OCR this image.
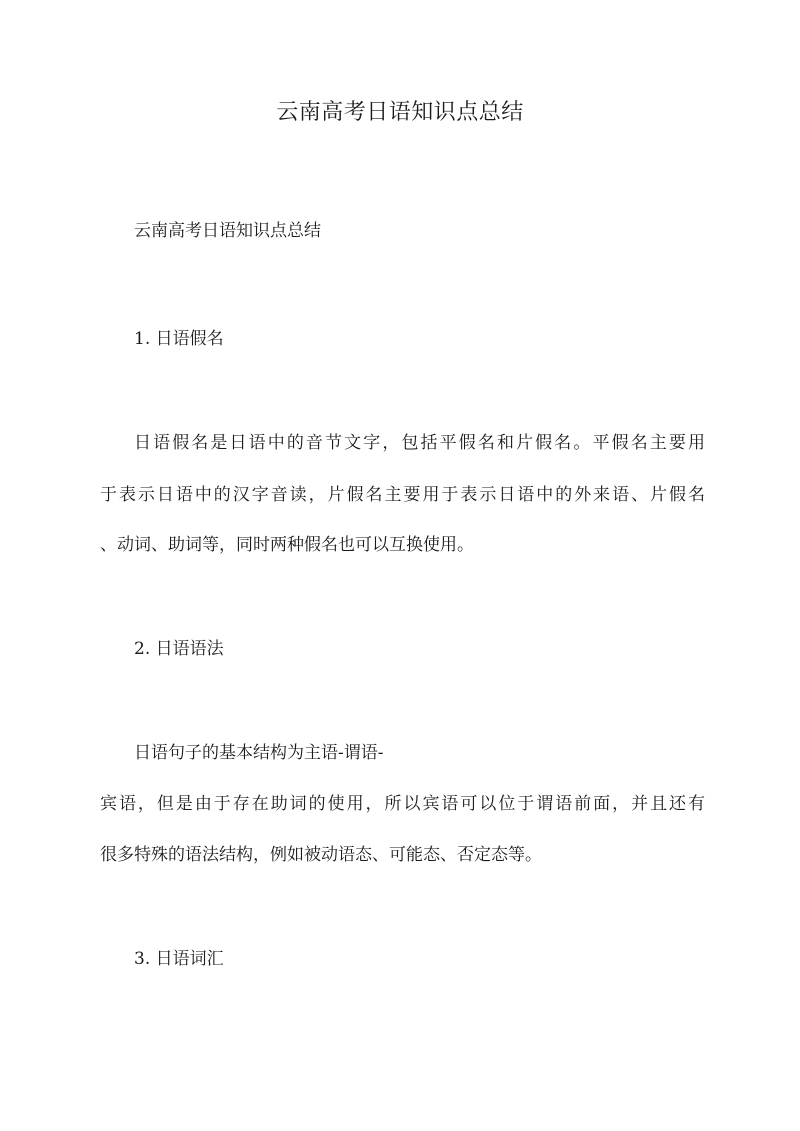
云南高考日语知识点总结
云南高考日语知识点总结
1. 日语假名
日语假名是日语中的音节文字，包括平假名和片假名。平假名主要用
于表示日语中的汉字音读，片假名主要用于表示日语中的外来语、片假名
、动词、助词等，同时两种假名也可以互换使用。
2. 日语语法
日语句子的基本结构为主语-谓语-
宾语，但是由于存在助词的使用，所以宾语可以位于谓语前面，并且还有
很多特殊的语法结构，例如被动语态、可能态、否定态等。
3. 日语词汇
